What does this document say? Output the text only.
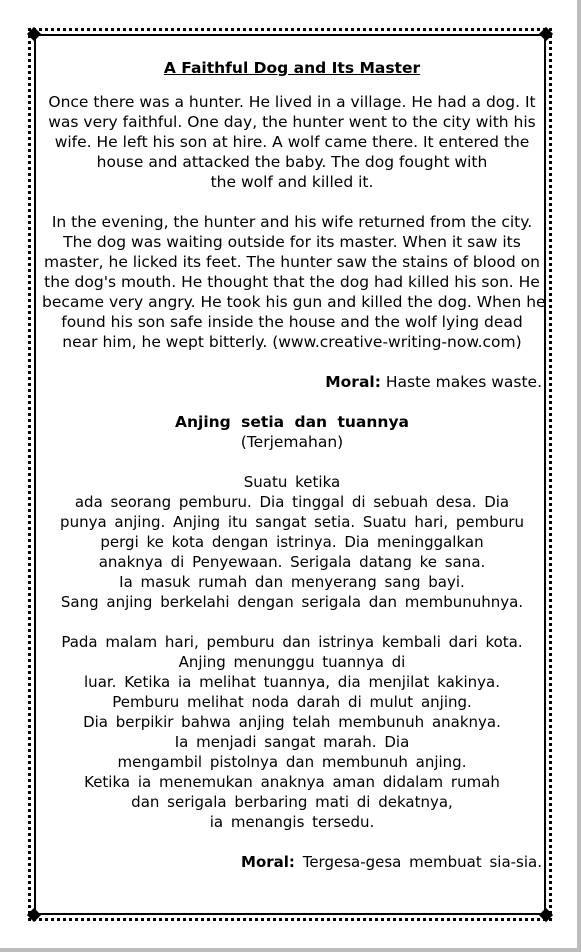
A Faithful Dog and Its Master

Once there was a hunter. He lived in a village. He had a dog. It
was very faithful. One day, the hunter went to the city with his
wife. He left his son at hire. A wolf came there. It entered the
house and attacked the baby. The dog fought with
the wolf and killed it.

In the evening, the hunter and his wife returned from the city.
The dog was waiting outside for its master. When it saw its
master, he licked its feet. The hunter saw the stains of blood on
the dog's mouth. He thought that the dog had killed his son. He
became very angry. He took his gun and killed the dog. When he
found his son safe inside the house and the wolf lying dead
near him, he wept bitterly. (www.creative-writing-now.com)

Moral: Haste makes waste.

Anjing setia dan tuannya

(Terjemahan)

Suatu ketika
ada seorang pemburu. Dia tinggal di sebuah desa. Dia
punya anjing. Anjing itu sangat setia. Suatu hari, pemburu
pergi ke kota dengan istrinya. Dia meninggalkan
anaknya di Penyewaan. Serigala datang ke sana.
Ia masuk rumah dan menyerang sang bayi.
Sang anjing berkelahi dengan serigala dan membunuhnya.

Pada malam hari, pemburu dan istrinya kembali dari kota.
Anjing menunggu tuannya di
luar. Ketika ia melihat tuannya, dia menjilat kakinya.
Pemburu melihat noda darah di mulut anjing.
Dia berpikir bahwa anjing telah membunuh anaknya.
Ia menjadi sangat marah. Dia
mengambil pistolnya dan membunuh anjing.
Ketika ia menemukan anaknya aman didalam rumah
dan serigala berbaring mati di dekatnya,
ia menangis tersedu.

Moral: Tergesa-gesa membuat sia-sia.
